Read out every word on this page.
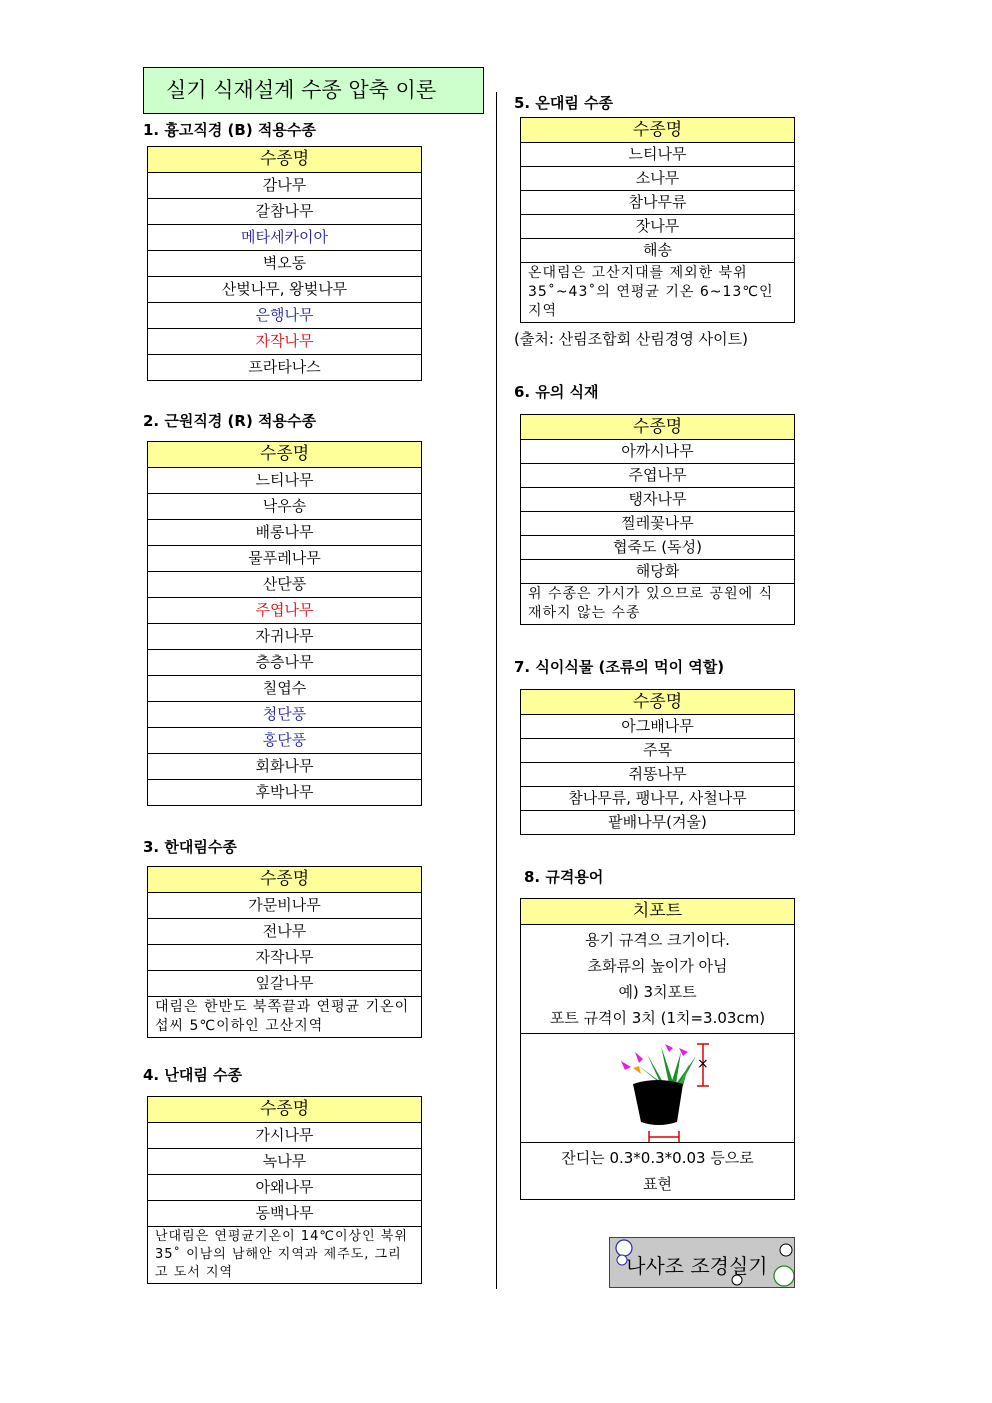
실기 식재설계 수종 압축 이론
1. 흉고직경 (B) 적용수종
수종명
감나무
갈참나무
메타세카이아
벽오동
산벚나무, 왕벚나무
은행나무
자작나무
프라타나스
2. 근원직경 (R) 적용수종
수종명
느티나무
낙우송
배롱나무
물푸레나무
산단풍
주엽나무
자귀나무
층층나무
칠엽수
청단풍
홍단풍
회화나무
후박나무
3. 한대림수종
수종명
가문비나무
전나무
자작나무
잎갈나무
대림은 한반도 북쪽끝과 연평균 기온이 섭씨 5℃이하인 고산지역
4. 난대림 수종
수종명
가시나무
녹나무
아왜나무
동백나무
난대림은 연평균기온이 14℃이상인 북위 35˚ 이남의 남해안 지역과 제주도, 그리고 도서 지역
5. 온대림 수종
수종명
느티나무
소나무
참나무류
잣나무
해송
온대림은 고산지대를 제외한 북위 35˚~43˚의 연평균 기온 6~13℃인 지역
(출처: 산림조합회 산림경영 사이트)
6. 유의 식재
수종명
아까시나무
주엽나무
탱자나무
찔레꽃나무
협죽도 (독성)
해당화
위 수종은 가시가 있으므로 공원에 식재하지 않는 수종
7. 식이식물 (조류의 먹이 역할)
수종명
아그배나무
주목
쥐똥나무
참나무류, 팽나무, 사철나무
팥배나무(겨울)
8. 규격용어
치포트

용기 규격으 크기이다.
초화류의 높이가 아님
예) 3치포트
포트 규격이 3치 (1치=3.03cm)

×

잔디는 0.3*0.3*0.03 등으로
표현
나사조 조경실기
